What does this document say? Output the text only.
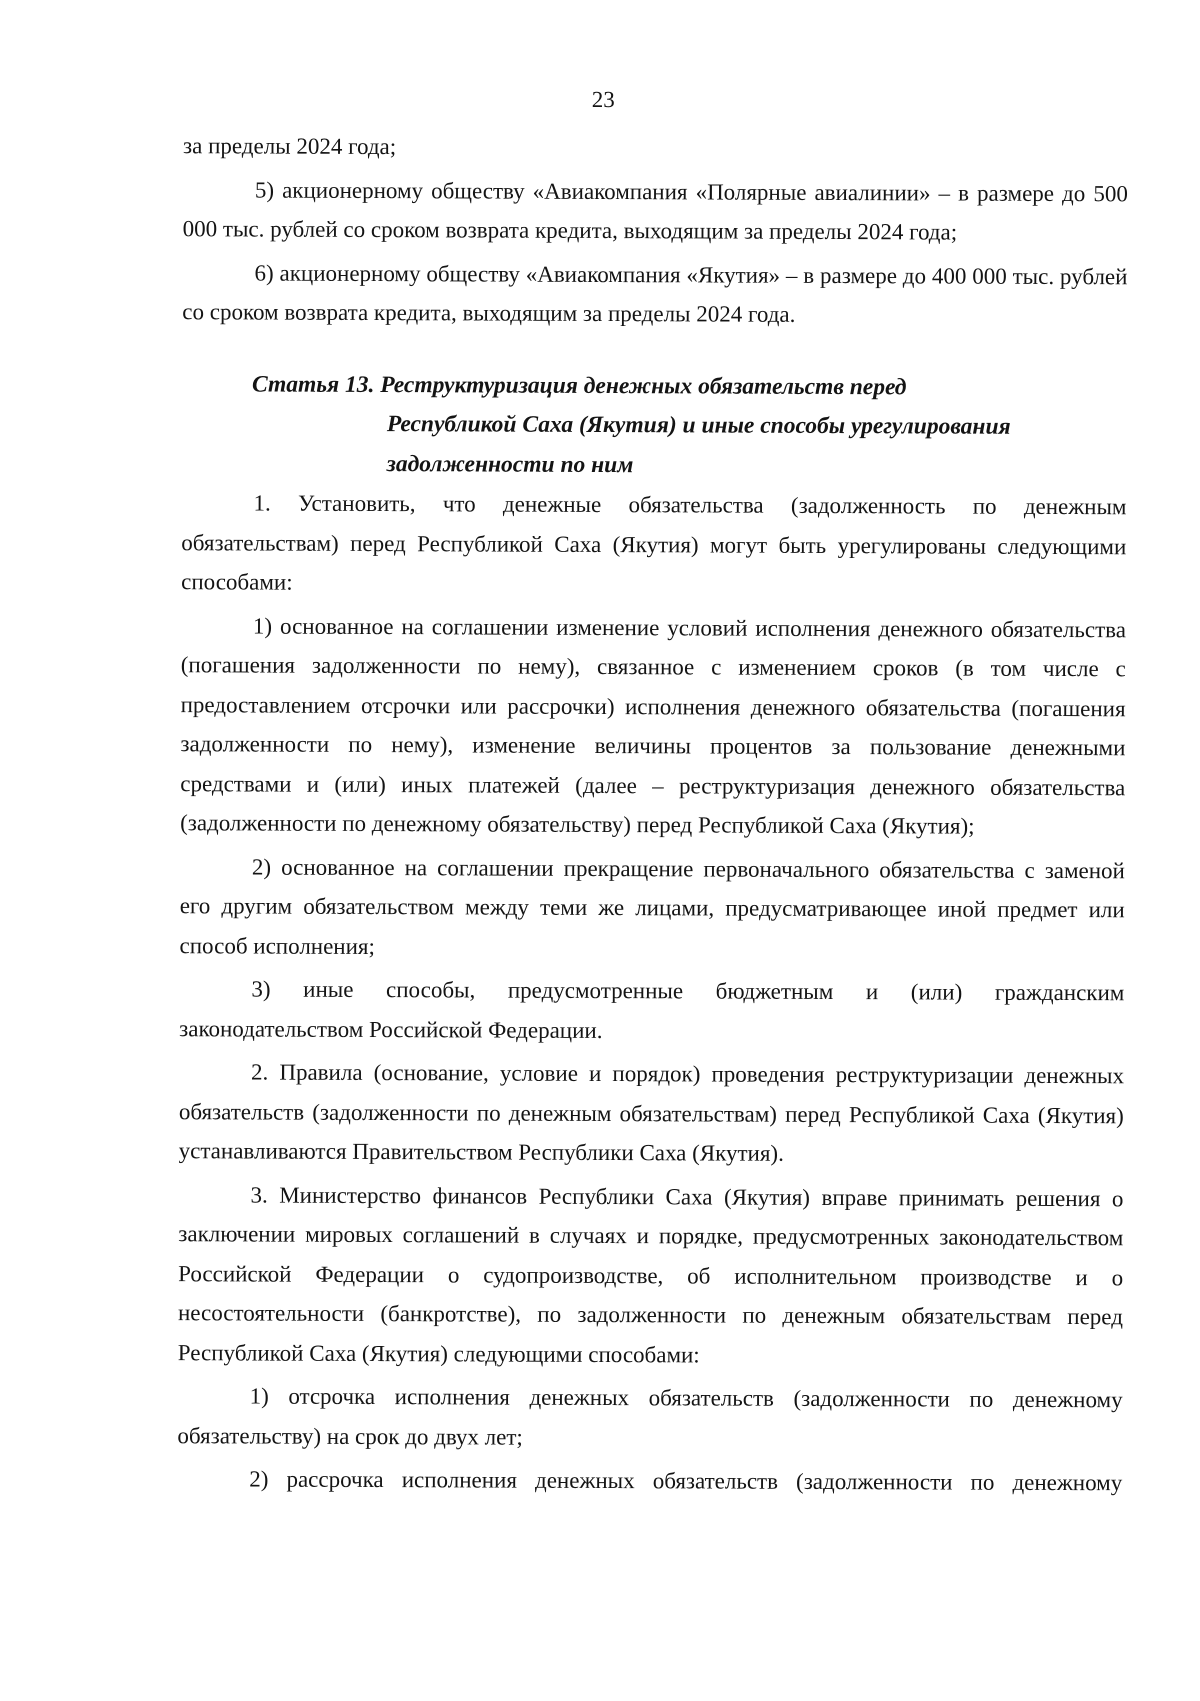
23

за пределы 2024 года;

5) акционерному обществу «Авиакомпания «Полярные авиалинии» – в размере до 500 000 тыс. рублей со сроком возврата кредита, выходящим за пределы 2024 года;

6) акционерному обществу «Авиакомпания «Якутия» – в размере до 400 000 тыс. рублей со сроком возврата кредита, выходящим за пределы 2024 года.

Статья 13. Реструктуризация денежных обязательств перед
Республикой Саха (Якутия) и иные способы урегулирования
задолженности по ним

1. Установить, что денежные обязательства (задолженность по денежным обязательствам) перед Республикой Саха (Якутия) могут быть урегулированы следующими способами:

1) основанное на соглашении изменение условий исполнения денежного обязательства (погашения задолженности по нему), связанное с изменением сроков (в том числе с предоставлением отсрочки или рассрочки) исполнения денежного обязательства (погашения задолженности по нему), изменение величины процентов за пользование денежными средствами и (или) иных платежей (далее – реструктуризация денежного обязательства (задолженности по денежному обязательству) перед Республикой Саха (Якутия);

2) основанное на соглашении прекращение первоначального обязательства с заменой его другим обязательством между теми же лицами, предусматривающее иной предмет или способ исполнения;

3) иные способы, предусмотренные бюджетным и (или) гражданским законодательством Российской Федерации.

2. Правила (основание, условие и порядок) проведения реструктуризации денежных обязательств (задолженности по денежным обязательствам) перед Республикой Саха (Якутия) устанавливаются Правительством Республики Саха (Якутия).

3. Министерство финансов Республики Саха (Якутия) вправе принимать решения о заключении мировых соглашений в случаях и порядке, предусмотренных законодательством Российской Федерации о судопроизводстве, об исполнительном производстве и о несостоятельности (банкротстве), по задолженности по денежным обязательствам перед Республикой Саха (Якутия) следующими способами:

1) отсрочка исполнения денежных обязательств (задолженности по денежному обязательству) на срок до двух лет;

2) рассрочка исполнения денежных обязательств (задолженности по денежному
